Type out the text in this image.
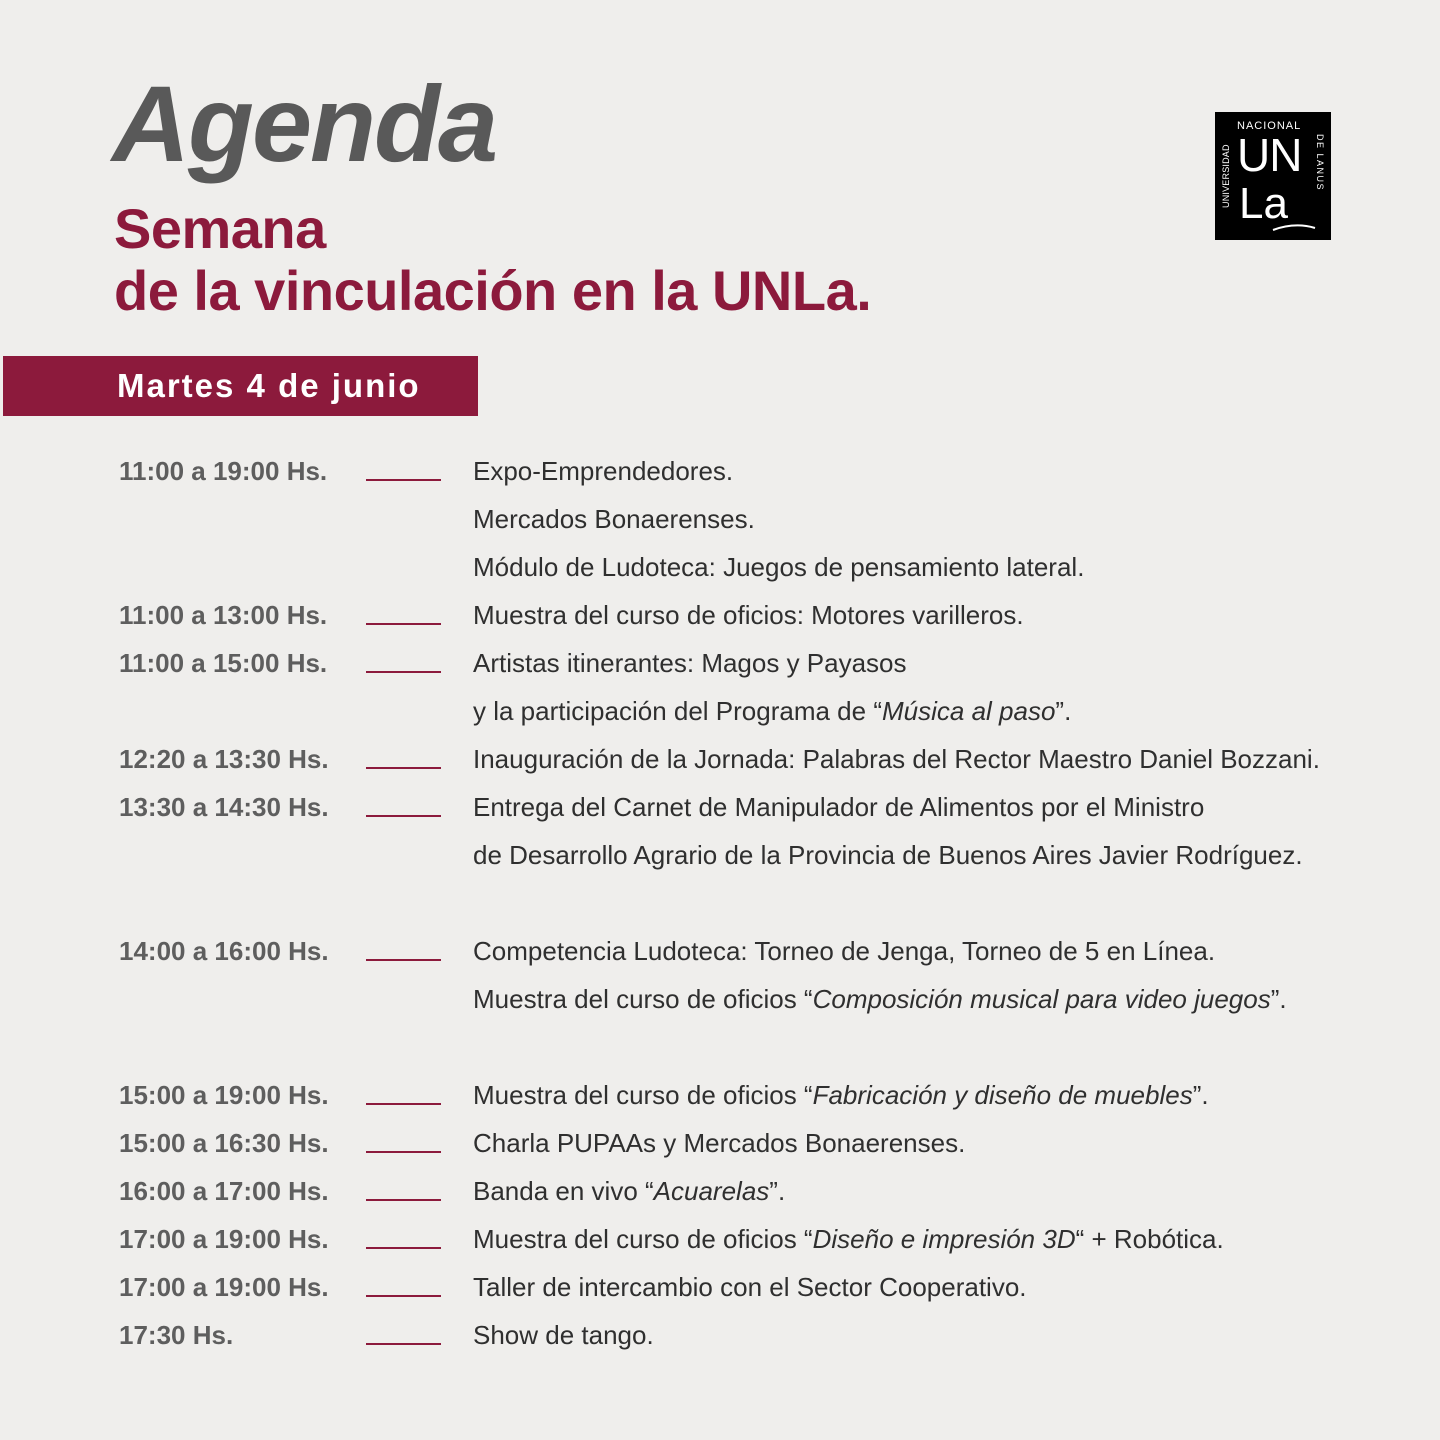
Agenda
Semana
de la vinculación en la UNLa.
UNIVERSIDAD
NACIONAL
DE LANUS
UN
La
Martes 4 de junio
11:00 a 19:00 Hs.	Expo-Emprendedores.
Mercados Bonaerenses.
Módulo de Ludoteca: Juegos de pensamiento lateral.
11:00 a 13:00 Hs.	Muestra del curso de oficios: Motores varilleros.
11:00 a 15:00 Hs.	Artistas itinerantes: Magos y Payasos
y la participación del Programa de “Música al paso”.
12:20 a 13:30 Hs.	Inauguración de la Jornada: Palabras del Rector Maestro Daniel Bozzani.
13:30 a 14:30 Hs.	Entrega del Carnet de Manipulador de Alimentos por el Ministro
de Desarrollo Agrario de la Provincia de Buenos Aires Javier Rodríguez.
14:00 a 16:00 Hs.	Competencia Ludoteca: Torneo de Jenga, Torneo de 5 en Línea.
Muestra del curso de oficios “Composición musical para video juegos”.
15:00 a 19:00 Hs.	Muestra del curso de oficios “Fabricación y diseño de muebles”.
15:00 a 16:30 Hs.	Charla PUPAAs y Mercados Bonaerenses.
16:00 a 17:00 Hs.	Banda en vivo “Acuarelas”.
17:00 a 19:00 Hs.	Muestra del curso de oficios “Diseño e impresión 3D“ + Robótica.
17:00 a 19:00 Hs.	Taller de intercambio con el Sector Cooperativo.
17:30 Hs.	Show de tango.
